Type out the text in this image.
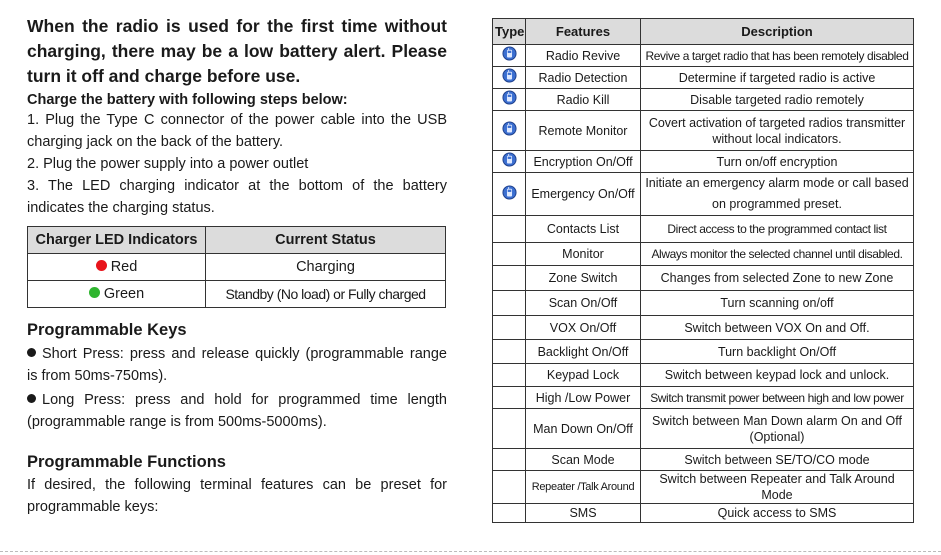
When the radio is used for the first time without charging, there may be a low battery alert. Please turn it off and charge before use.

Charge the battery with following steps below:

1. Plug the Type C connector of the power cable into the USB charging jack on the back of the battery.

2. Plug the power supply into a power outlet

3. The LED charging indicator at the bottom of the battery indicates the charging status.

Charger LED Indicators	Current Status
Red	Charging
Green	Standby (No load) or Fully charged

Programmable Keys

Short Press: press and release quickly (programmable range is from 50ms-750ms).

Long Press: press and hold for programmed time length (programmable range is from 500ms-5000ms).

Programmable Functions

If desired, the following terminal features can be preset for programmable keys:

Type	Features	Description
	Radio Revive	Revive a target radio that has been remotely disabled
	Radio Detection	Determine if targeted radio is active
	Radio Kill	Disable targeted radio remotely
	Remote Monitor	Covert activation of targeted radios transmitter without local indicators.
	Encryption On/Off	Turn on/off encryption
	Emergency On/Off	Initiate an emergency alarm mode or call based on programmed preset.
	Contacts List	Direct access to the programmed contact list
	Monitor	Always monitor the selected channel until disabled.
	Zone Switch	Changes from selected Zone to new Zone
	Scan On/Off	Turn scanning on/off
	VOX On/Off	Switch between VOX On and Off.
	Backlight On/Off	Turn backlight On/Off
	Keypad Lock	Switch between keypad lock and unlock.
	High /Low Power	Switch transmit power between high and low power
	Man Down On/Off	Switch between Man Down alarm On and Off (Optional)
	Scan Mode	Switch between SE/TO/CO mode
	Repeater /Talk Around	Switch between Repeater and Talk Around Mode
	SMS	Quick access to SMS
